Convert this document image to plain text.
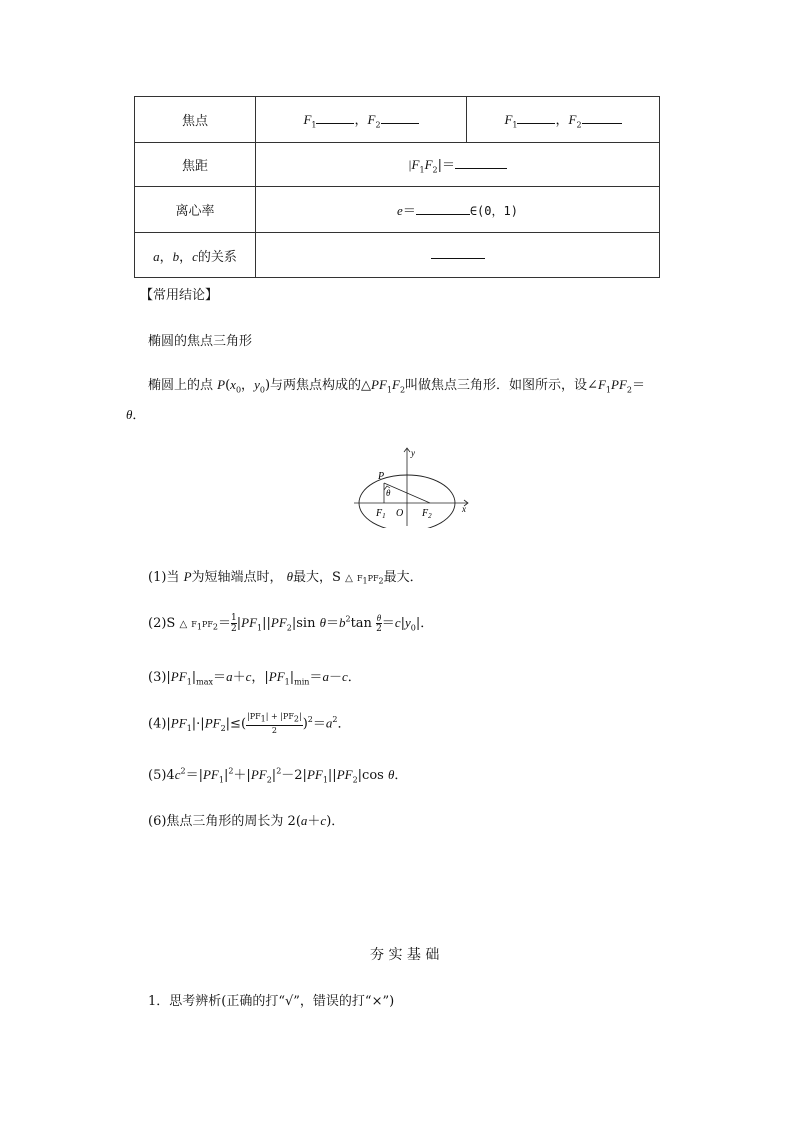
焦点	$F_1$ ，$F_2$	$F_1$ ，$F_2$
焦距	$|F_1F_2|=$	
离心率	e＝ ∈(0，1)	
a，b，c的关系		
【常用结论】
椭圆的焦点三角形
椭圆上的点 $P(x_0$，$y_0$)与两焦点构成的$\triangle PF_1F_2$叫做焦点三角形．如图所示，设$\angle F_1PF_2=$
θ．
y
x
P
θ
$F_1$ O $F_2$
(1)当 P为短轴端点时， θ最大，S △ $F_1PF_2$最大．
(2)S △ $F_1PF_2= \frac{1}{2} |PF_1||PF_2|\sin$ $\theta=b^2\tan \frac{\theta}{2} =c|y_0|$．
$(3)|PF_1|_{max}=a+c$，$|PF_1|_{min}=a-c$．
$(4)|PF_1|\cdot|PF_2|\le( \frac{|PF_1| + |PF_2|}{2} )^2=a^2$．
$(5)4c^2=|PF_1|^2+|PF_2|^2-2|PF_1||PF_2|\cos$ θ．
(6)焦点三角形的周长为 2(a＋c)．
夯 实 基 础
1．思考辨析(正确的打“√”，错误的打“×”)
